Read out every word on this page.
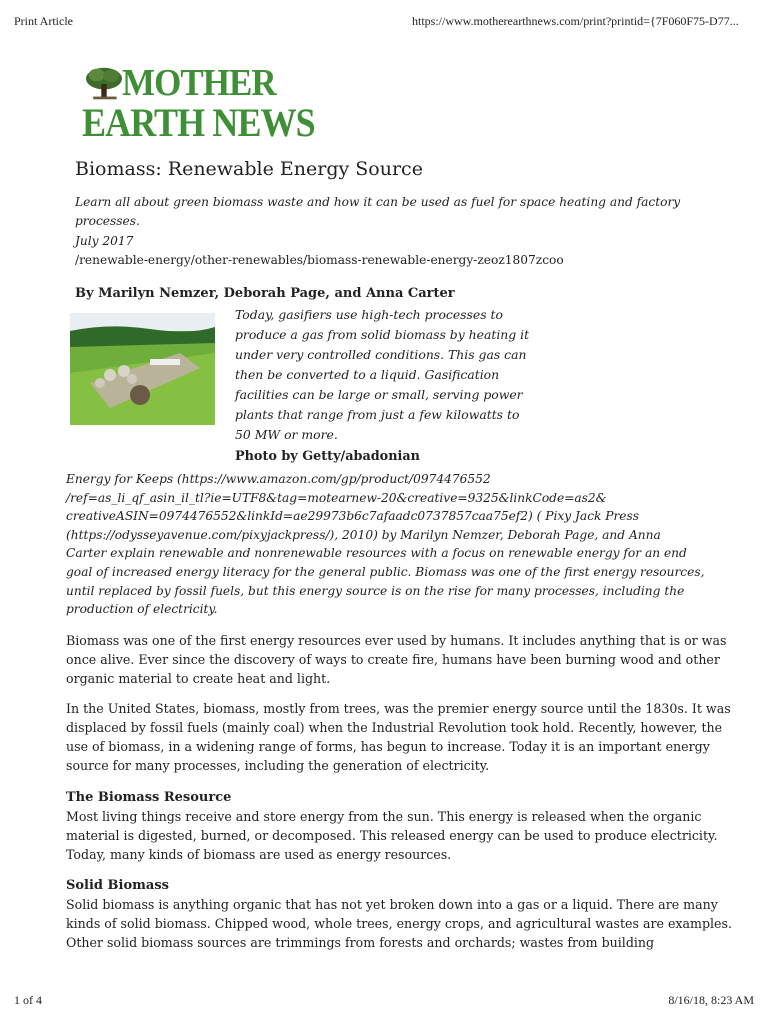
Print Article	https://www.motherearthnews.com/print?printid={7F060F75-D77...
MOTHER
EARTH NEWS
Biomass: Renewable Energy Source
Learn all about green biomass waste and how it can be used as fuel for space heating and factory
processes.
July 2017
/renewable-energy/other-renewables/biomass-renewable-energy-zeoz1807zcoo
By Marilyn Nemzer, Deborah Page, and Anna Carter
Today, gasifiers use high-tech processes to
produce a gas from solid biomass by heating it
under very controlled conditions. This gas can
then be converted to a liquid. Gasification
facilities can be large or small, serving power
plants that range from just a few kilowatts to
50 MW or more.
Photo by Getty/abadonian
Energy for Keeps (https://www.amazon.com/gp/product/0974476552
/ref=as_li_qf_asin_il_tl?ie=UTF8&tag=motearnew-20&creative=9325&linkCode=as2&
creativeASIN=0974476552&linkId=ae29973b6c7afaadc0737857caa75ef2) ( Pixy Jack Press
(https://odysseyavenue.com/pixyjackpress/), 2010) by Marilyn Nemzer, Deborah Page, and Anna
Carter explain renewable and nonrenewable resources with a focus on renewable energy for an end
goal of increased energy literacy for the general public. Biomass was one of the first energy resources,
until replaced by fossil fuels, but this energy source is on the rise for many processes, including the
production of electricity.
Biomass was one of the first energy resources ever used by humans. It includes anything that is or was
once alive. Ever since the discovery of ways to create fire, humans have been burning wood and other
organic material to create heat and light.
In the United States, biomass, mostly from trees, was the premier energy source until the 1830s. It was
displaced by fossil fuels (mainly coal) when the Industrial Revolution took hold. Recently, however, the
use of biomass, in a widening range of forms, has begun to increase. Today it is an important energy
source for many processes, including the generation of electricity.
The Biomass Resource
Most living things receive and store energy from the sun. This energy is released when the organic
material is digested, burned, or decomposed. This released energy can be used to produce electricity.
Today, many kinds of biomass are used as energy resources.
Solid Biomass
Solid biomass is anything organic that has not yet broken down into a gas or a liquid. There are many
kinds of solid biomass. Chipped wood, whole trees, energy crops, and agricultural wastes are examples.
Other solid biomass sources are trimmings from forests and orchards; wastes from building
1 of 4	8/16/18, 8:23 AM
